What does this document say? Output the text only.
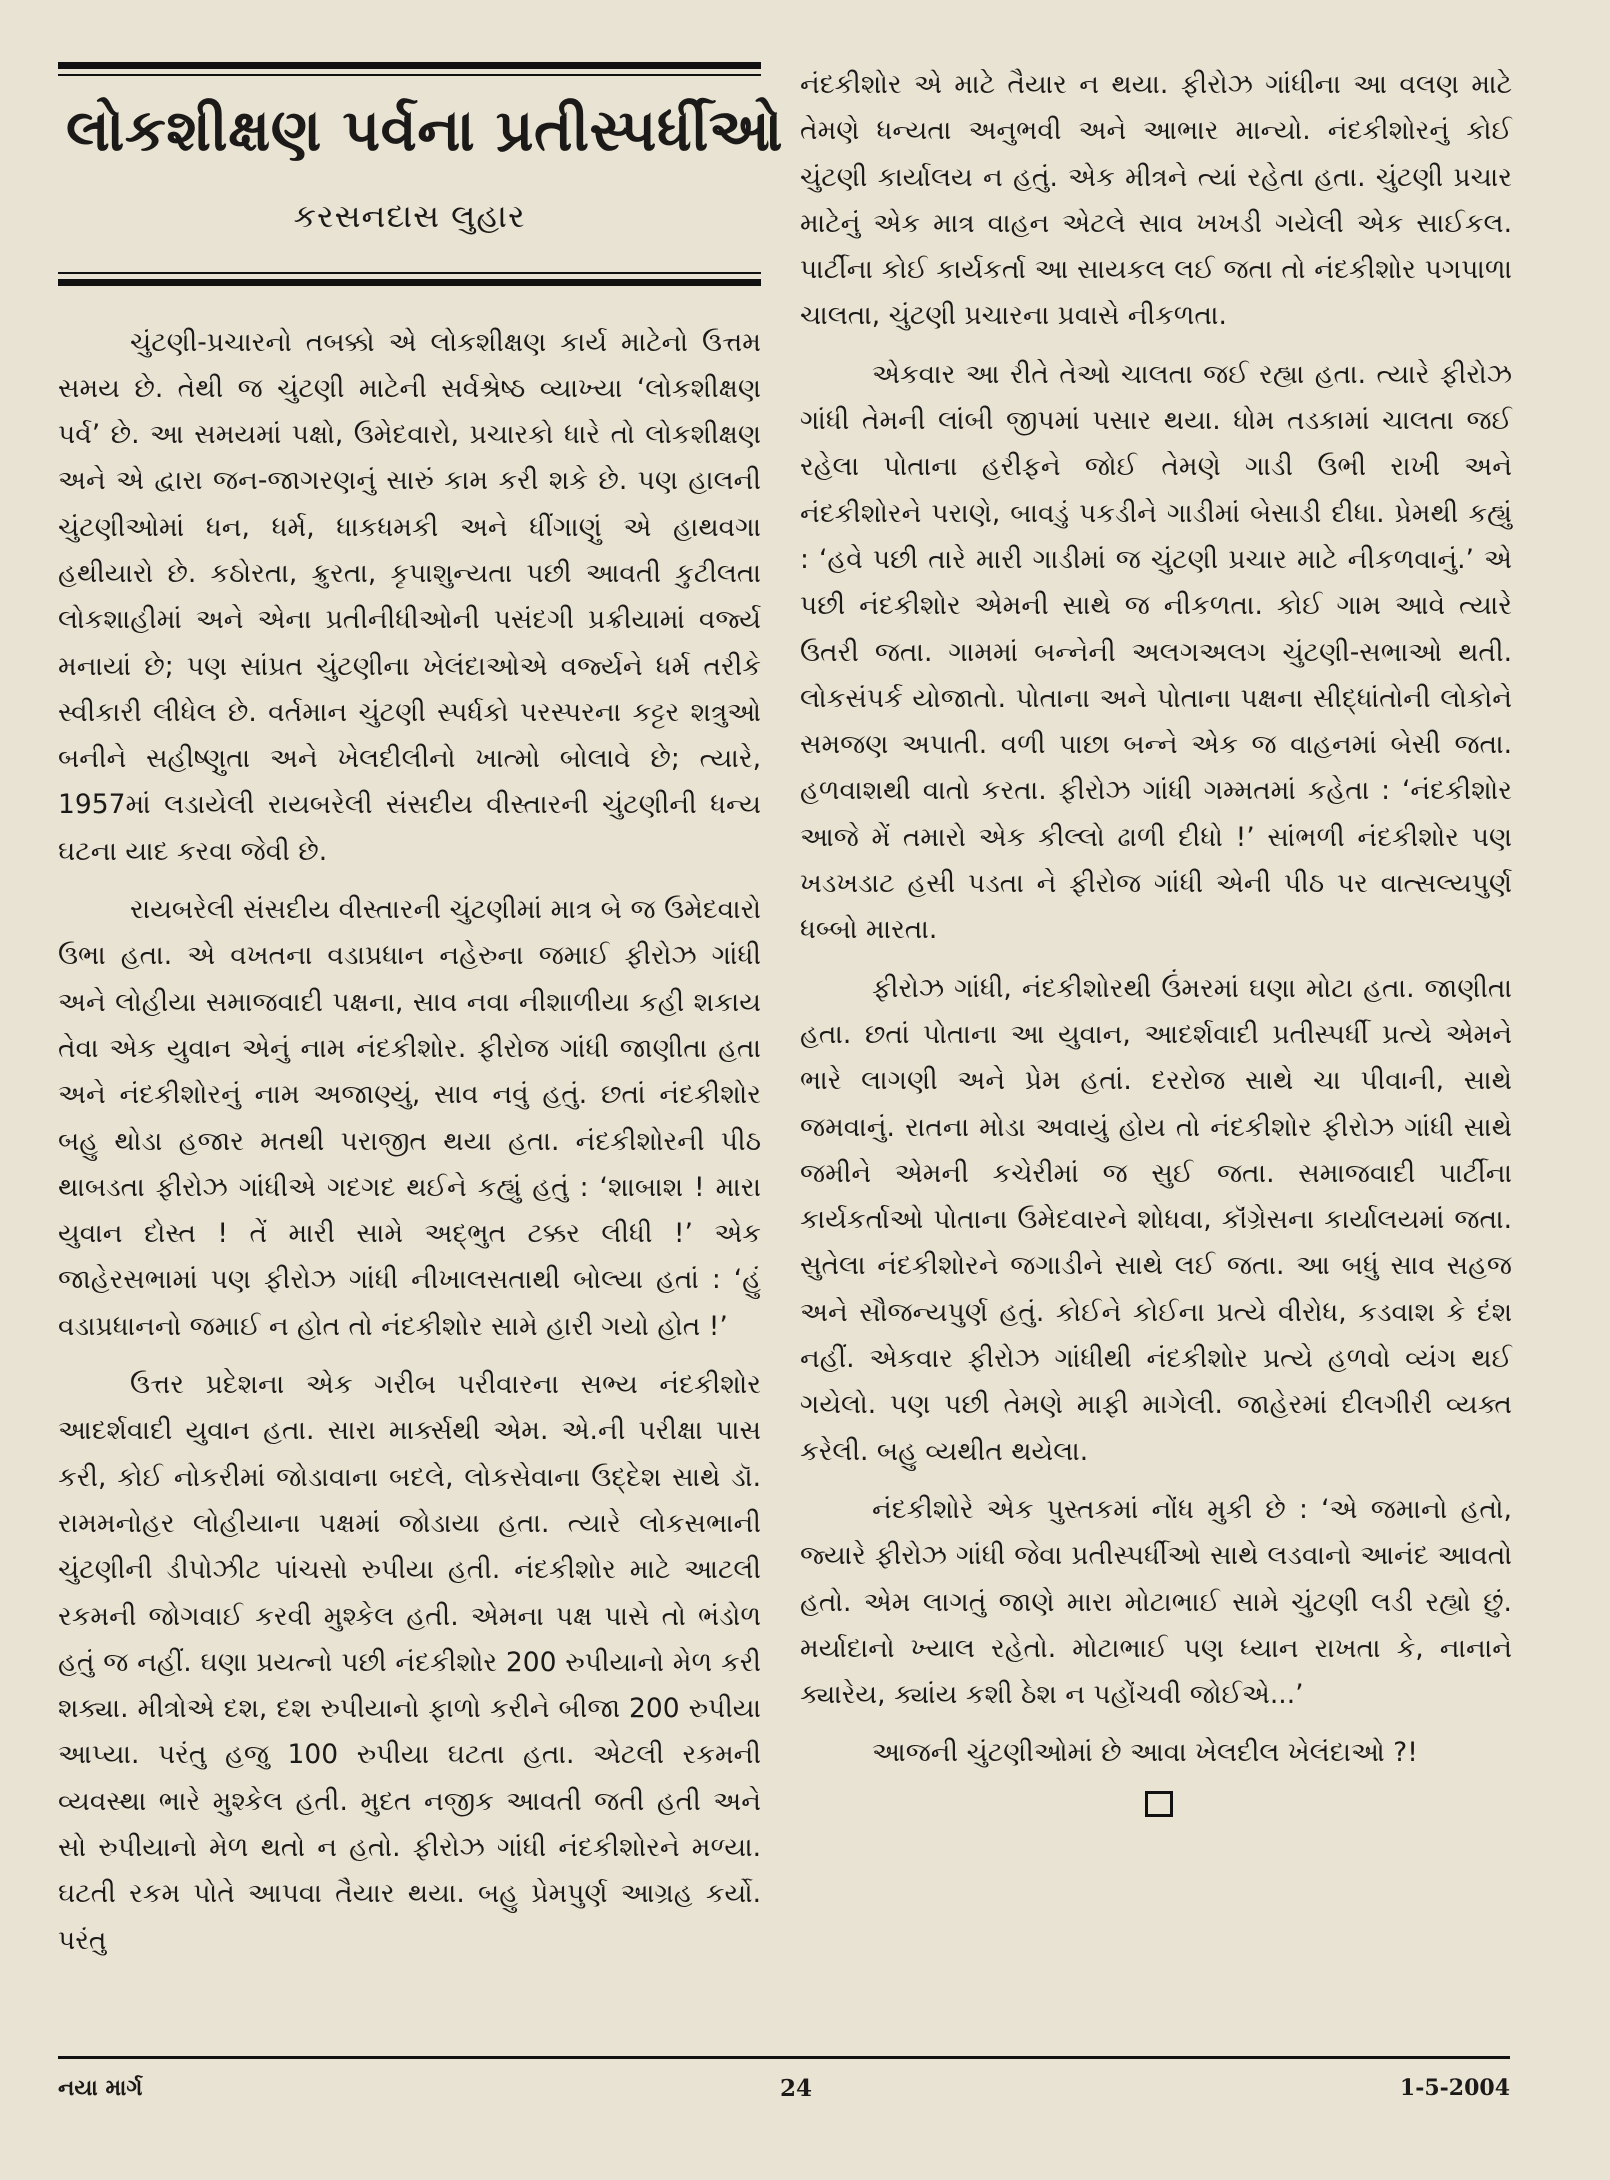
લોકશીક્ષણ પર્વના પ્રતીસ્પર્ધીઓ
કરસનદાસ લુહાર

ચુંટણી-પ્રચારનો તબક્કો એ લોકશીક્ષણ કાર્ય માટેનો ઉત્તમ સમય છે. તેથી જ ચુંટણી માટેની સર્વશ્રેષ્ઠ વ્યાખ્યા ‘લોકશીક્ષણ પર્વ’ છે. આ સમયમાં પક્ષો, ઉમેદવારો, પ્રચારકો ધારે તો લોકશીક્ષણ અને એ દ્વારા જન-જાગરણનું સારું કામ કરી શકે છે. પણ હાલની ચુંટણીઓમાં ધન, ધર્મ, ધાકધમકી અને ધીંગાણું એ હાથવગા હથીયારો છે. કઠોરતા, ક્રુરતા, કૃપાશુન્યતા પછી આવતી કુટીલતા લોકશાહીમાં અને એના પ્રતીનીધીઓની પસંદગી પ્રક્રીયામાં વર્જ્ય મનાયાં છે; પણ સાંપ્રત ચુંટણીના ખેલંદાઓએ વર્જ્યને ધર્મ તરીકે સ્વીકારી લીધેલ છે. વર્તમાન ચુંટણી સ્પર્ધકો પરસ્પરના કટ્ટર શત્રુઓ બનીને સહીષ્ણુતા અને ખેલદીલીનો ખાત્મો બોલાવે છે; ત્યારે, 1957માં લડાયેલી રાયબરેલી સંસદીય વીસ્તારની ચુંટણીની ધન્ય ઘટના યાદ કરવા જેવી છે.

રાયબરેલી સંસદીય વીસ્તારની ચુંટણીમાં માત્ર બે જ ઉમેદવારો ઉભા હતા. એ વખતના વડાપ્રધાન નહેરુના જમાઈ ફીરોઝ ગાંધી અને લોહીયા સમાજવાદી પક્ષના, સાવ નવા નીશાળીયા કહી શકાય તેવા એક યુવાન એનું નામ નંદકીશોર. ફીરોજ ગાંધી જાણીતા હતા અને નંદકીશોરનું નામ અજાણ્યું, સાવ નવું હતું. છતાં નંદકીશોર બહુ થોડા હજાર મતથી પરાજીત થયા હતા. નંદકીશોરની પીઠ થાબડતા ફીરોઝ ગાંધીએ ગદગદ થઈને કહ્યું હતું : ‘શાબાશ ! મારા યુવાન દોસ્ત ! તેં મારી સામે અદ્ભુત ટક્કર લીધી !’ એક જાહેરસભામાં પણ ફીરોઝ ગાંધી નીખાલસતાથી બોલ્યા હતાં : ‘હું વડાપ્રધાનનો જમાઈ ન હોત તો નંદકીશોર સામે હારી ગયો હોત !’

ઉત્તર પ્રદેશના એક ગરીબ પરીવારના સભ્ય નંદકીશોર આદર્શવાદી યુવાન હતા. સારા માર્ક્સથી એમ. એ.ની પરીક્ષા પાસ કરી, કોઈ નોકરીમાં જોડાવાના બદલે, લોકસેવાના ઉદ્દેશ સાથે ડૉ. રામમનોહર લોહીયાના પક્ષમાં જોડાયા હતા. ત્યારે લોકસભાની ચુંટણીની ડીપોઝીટ પાંચસો રુપીયા હતી. નંદકીશોર માટે આટલી રકમની જોગવાઈ કરવી મુશ્કેલ હતી. એમના પક્ષ પાસે તો ભંડોળ હતું જ નહીં. ઘણા પ્રયત્નો પછી નંદકીશોર 200 રુપીયાનો મેળ કરી શક્યા. મીત્રોએ દશ, દશ રુપીયાનો ફાળો કરીને બીજા 200 રુપીયા આપ્યા. પરંતુ હજુ 100 રુપીયા ઘટતા હતા. એટલી રકમની વ્યવસ્થા ભારે મુશ્કેલ હતી. મુદત નજીક આવતી જતી હતી અને સો રુપીયાનો મેળ થતો ન હતો. ફીરોઝ ગાંધી નંદકીશોરને મળ્યા. ઘટતી રકમ પોતે આપવા તૈયાર થયા. બહુ પ્રેમપુર્ણ આગ્રહ કર્યો. પરંતુ

નંદકીશોર એ માટે તૈયાર ન થયા. ફીરોઝ ગાંધીના આ વલણ માટે તેમણે ધન્યતા અનુભવી અને આભાર માન્યો. નંદકીશોરનું કોઈ ચુંટણી કાર્યાલય ન હતું. એક મીત્રને ત્યાં રહેતા હતા. ચુંટણી પ્રચાર માટેનું એક માત્ર વાહન એટલે સાવ ખખડી ગયેલી એક સાઈકલ. પાર્ટીના કોઈ કાર્યકર્તા આ સાયકલ લઈ જતા તો નંદકીશોર પગપાળા ચાલતા, ચુંટણી પ્રચારના પ્રવાસે નીકળતા.

એકવાર આ રીતે તેઓ ચાલતા જઈ રહ્યા હતા. ત્યારે ફીરોઝ ગાંધી તેમની લાંબી જીપમાં પસાર થયા. ધોમ તડકામાં ચાલતા જઈ રહેલા પોતાના હરીફને જોઈ તેમણે ગાડી ઉભી રાખી અને નંદકીશોરને પરાણે, બાવડું પકડીને ગાડીમાં બેસાડી દીધા. પ્રેમથી કહ્યું : ‘હવે પછી તારે મારી ગાડીમાં જ ચુંટણી પ્રચાર માટે નીકળવાનું.’ એ પછી નંદકીશોર એમની સાથે જ નીકળતા. કોઈ ગામ આવે ત્યારે ઉતરી જતા. ગામમાં બન્નેની અલગઅલગ ચુંટણી-સભાઓ થતી. લોકસંપર્ક યોજાતો. પોતાના અને પોતાના પક્ષના સીદ્ધાંતોની લોકોને સમજણ અપાતી. વળી પાછા બન્ને એક જ વાહનમાં બેસી જતા. હળવાશથી વાતો કરતા. ફીરોઝ ગાંધી ગમ્મતમાં કહેતા : ‘નંદકીશોર આજે મેં તમારો એક કીલ્લો ઢાળી દીધો !’ સાંભળી નંદકીશોર પણ ખડખડાટ હસી પડતા ને ફીરોજ ગાંધી એની પીઠ પર વાત્સલ્યપુર્ણ ધબ્બો મારતા.

ફીરોઝ ગાંધી, નંદકીશોરથી ઉંમરમાં ઘણા મોટા હતા. જાણીતા હતા. છતાં પોતાના આ યુવાન, આદર્શવાદી પ્રતીસ્પર્ધી પ્રત્યે એમને ભારે લાગણી અને પ્રેમ હતાં. દરરોજ સાથે ચા પીવાની, સાથે જમવાનું. રાતના મોડા અવાયું હોય તો નંદકીશોર ફીરોઝ ગાંધી સાથે જમીને એમની કચેરીમાં જ સુઈ જતા. સમાજવાદી પાર્ટીના કાર્યકર્તાઓ પોતાના ઉમેદવારને શોધવા, કૉંગ્રેસના કાર્યાલયમાં જતા. સુતેલા નંદકીશોરને જગાડીને સાથે લઈ જતા. આ બધું સાવ સહજ અને સૌજન્યપુર્ણ હતું. કોઈને કોઈના પ્રત્યે વીરોધ, કડવાશ કે દંશ નહીં. એકવાર ફીરોઝ ગાંધીથી નંદકીશોર પ્રત્યે હળવો વ્યંગ થઈ ગયેલો. પણ પછી તેમણે માફી માગેલી. જાહેરમાં દીલગીરી વ્યક્ત કરેલી. બહુ વ્યથીત થયેલા.

નંદકીશોરે એક પુસ્તકમાં નોંધ મુકી છે : ‘એ જમાનો હતો, જ્યારે ફીરોઝ ગાંધી જેવા પ્રતીસ્પર્ધીઓ સાથે લડવાનો આનંદ આવતો હતો. એમ લાગતું જાણે મારા મોટાભાઈ સામે ચુંટણી લડી રહ્યો છું. મર્યાદાનો ખ્યાલ રહેતો. મોટાભાઈ પણ ધ્યાન રાખતા કે, નાનાને ક્યારેય, ક્યાંય કશી ઠેશ ન પહોંચવી જોઈએ...’

આજની ચુંટણીઓમાં છે આવા ખેલદીલ ખેલંદાઓ ?!

નયા માર્ગ	24	1-5-2004
